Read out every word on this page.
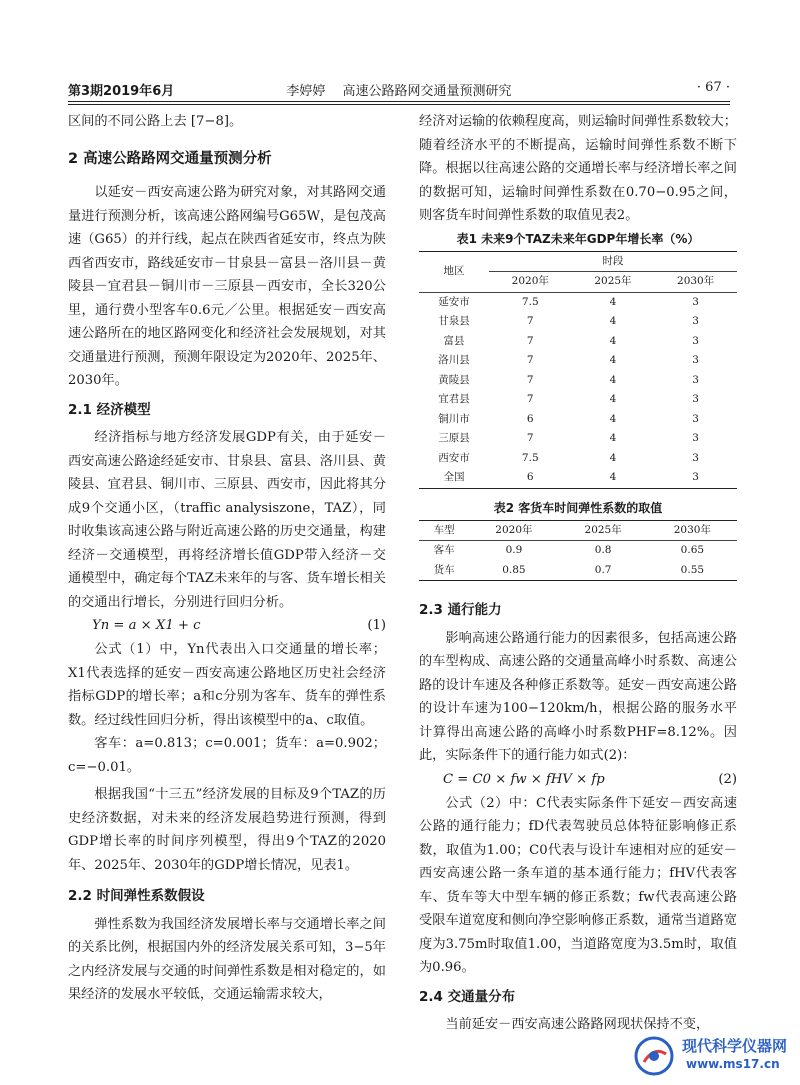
第3期2019年6月	李婷婷　 高速公路路网交通量预测研究	· 67 ·

区间的不同公路上去 [7−8]。

2 高速公路路网交通量预测分析

以延安－西安高速公路为研究对象，对其路网交通量进行预测分析，该高速公路网编号G65W，是包茂高速（G65）的并行线，起点在陕西省延安市，终点为陕西省西安市，路线延安市－甘泉县－富县－洛川县－黄陵县－宜君县－铜川市－三原县－西安市，全长320公里，通行费小型客车0.6元／公里。根据延安－西安高速公路所在的地区路网变化和经济社会发展规划，对其交通量进行预测，预测年限设定为2020年、2025年、2030年。

2.1 经济模型

经济指标与地方经济发展GDP有关，由于延安－西安高速公路途经延安市、甘泉县、富县、洛川县、黄陵县、宜君县、铜川市、三原县、西安市，因此将其分成9个交通小区，（traffic analysiszone，TAZ），同时收集该高速公路与附近高速公路的历史交通量，构建经济－交通模型，再将经济增长值GDP带入经济－交通模型中，确定每个TAZ未来年的与客、货车增长相关的交通出行增长，分别进行回归分析。

Yn = a × X1 + c	(1)

公式（1）中，Yn代表出入口交通量的增长率；X1代表选择的延安－西安高速公路地区历史社会经济指标GDP的增长率；a和c分别为客车、货车的弹性系数。经过线性回归分析，得出该模型中的a、c取值。

客车：a=0.813；c=0.001；货车：a=0.902；c=−0.01。

根据我国“十三五”经济发展的目标及9个TAZ的历史经济数据，对未来的经济发展趋势进行预测，得到GDP增长率的时间序列模型，得出9个TAZ的2020年、2025年、2030年的GDP增长情况，见表1。

2.2 时间弹性系数假设

弹性系数为我国经济发展增长率与交通增长率之间的关系比例，根据国内外的经济发展关系可知，3−5年之内经济发展与交通的时间弹性系数是相对稳定的，如果经济的发展水平较低，交通运输需求较大，

经济对运输的依赖程度高，则运输时间弹性系数较大；随着经济水平的不断提高，运输时间弹性系数不断下降。根据以往高速公路的交通增长率与经济增长率之间的数据可知，运输时间弹性系数在0.70−0.95之间，则客货车时间弹性系数的取值见表2。

表1 未来9个TAZ未来年GDP年增长率（%）
地区	时段		
	2020年	2025年	2030年
延安市	7.5	4	3
甘泉县	7	4	3
富县	7	4	3
洛川县	7	4	3
黄陵县	7	4	3
宜君县	7	4	3
铜川市	6	4	3
三原县	7	4	3
西安市	7.5	4	3
全国	6	4	3
表2 客货车时间弹性系数的取值
车型	2020年	2025年	2030年
客车	0.9	0.8	0.65
货车	0.85	0.7	0.55
2.3 通行能力

影响高速公路通行能力的因素很多，包括高速公路的车型构成、高速公路的交通量高峰小时系数、高速公路的设计车速及各种修正系数等。延安－西安高速公路的设计车速为100−120km/h，根据公路的服务水平计算得出高速公路的高峰小时系数PHF=8.12%。因此，实际条件下的通行能力如式(2)：

C = C0 × fw × fHV × fp	(2)

公式（2）中：C代表实际条件下延安－西安高速公路的通行能力；fD代表驾驶员总体特征影响修正系数，取值为1.00；C0代表与设计车速相对应的延安－西安高速公路一条车道的基本通行能力；fHV代表客车、货车等大中型车辆的修正系数；fw代表高速公路受限车道宽度和侧向净空影响修正系数，通常当道路宽度为3.75m时取值1.00，当道路宽度为3.5m时，取值为0.96。

2.4 交通量分布

当前延安－西安高速公路路网现状保持不变，

现代科学仪器网
www.ms17.cn
